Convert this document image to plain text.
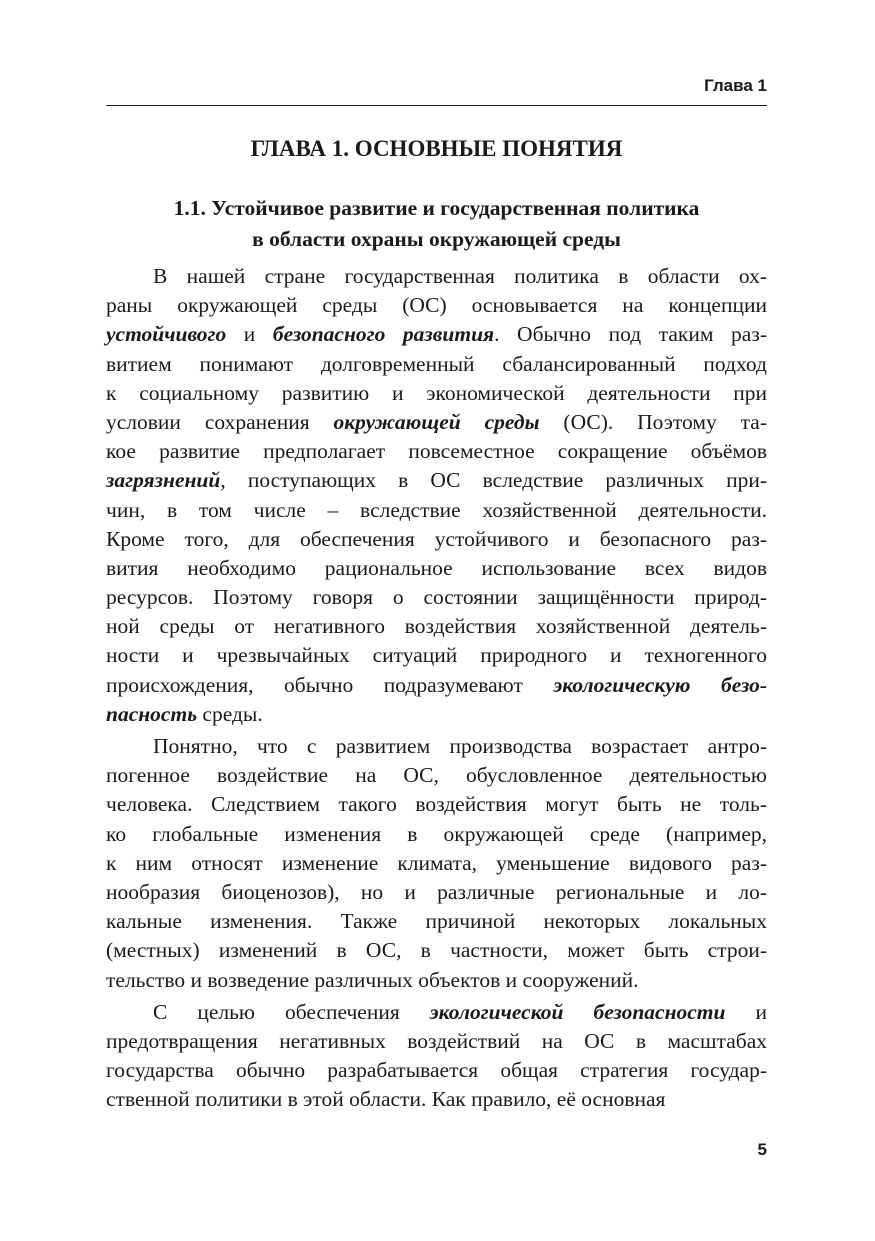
Глава 1
ГЛАВА 1. ОСНОВНЫЕ ПОНЯТИЯ
1.1. Устойчивое развитие и государственная политика
в области охраны окружающей среды
В нашей стране государственная политика в области ох-
раны окружающей среды (ОС) основывается на концепции
устойчивого и безопасного развития. Обычно под таким раз-
витием понимают долговременный сбалансированный подход
к социальному развитию и экономической деятельности при
условии сохранения окружающей среды (ОС). Поэтому та-
кое развитие предполагает повсеместное сокращение объёмов
загрязнений, поступающих в ОС вследствие различных при-
чин, в том числе – вследствие хозяйственной деятельности.
Кроме того, для обеспечения устойчивого и безопасного раз-
вития необходимо рациональное использование всех видов
ресурсов. Поэтому говоря о состоянии защищённости природ-
ной среды от негативного воздействия хозяйственной деятель-
ности и чрезвычайных ситуаций природного и техногенного
происхождения, обычно подразумевают экологическую безо-
пасность среды.
Понятно, что с развитием производства возрастает антро-
погенное воздействие на ОС, обусловленное деятельностью
человека. Следствием такого воздействия могут быть не толь-
ко глобальные изменения в окружающей среде (например,
к ним относят изменение климата, уменьшение видового раз-
нообразия биоценозов), но и различные региональные и ло-
кальные изменения. Также причиной некоторых локальных
(местных) изменений в ОС, в частности, может быть строи-
тельство и возведение различных объектов и сооружений.
С целью обеспечения экологической безопасности и
предотвращения негативных воздействий на ОС в масштабах
государства обычно разрабатывается общая стратегия государ-
ственной политики в этой области. Как правило, её основная
5
